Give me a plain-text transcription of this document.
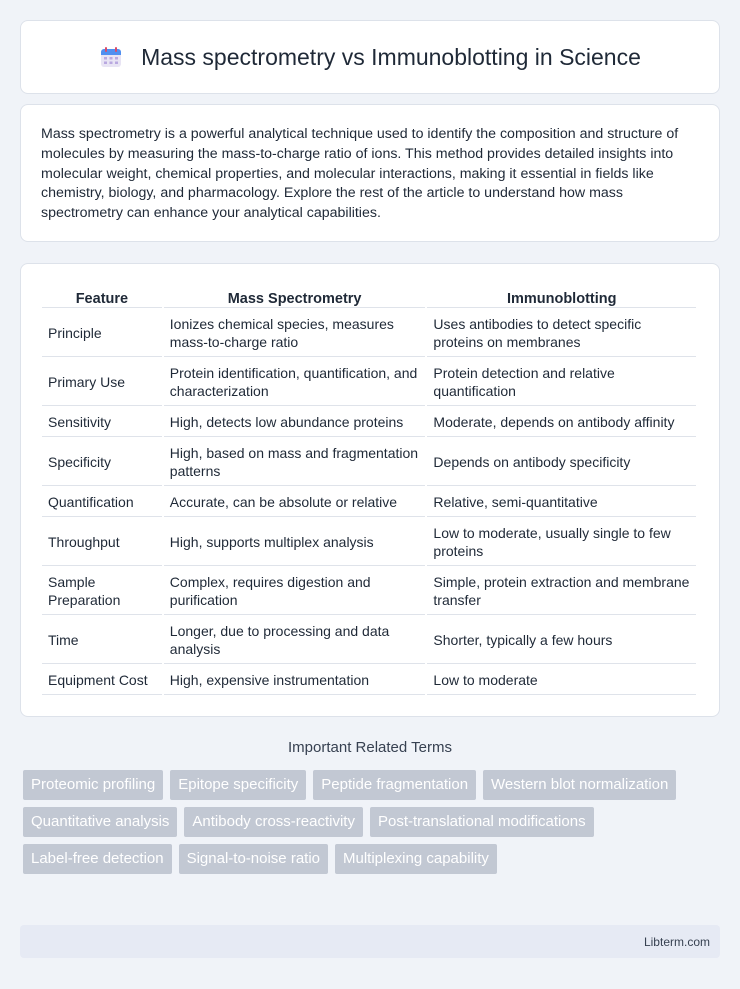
Mass spectrometry vs Immunoblotting in Science

Mass spectrometry is a powerful analytical technique used to identify the composition and structure of molecules by measuring the mass-to-charge ratio of ions. This method provides detailed insights into molecular weight, chemical properties, and molecular interactions, making it essential in fields like chemistry, biology, and pharmacology. Explore the rest of the article to understand how mass spectrometry can enhance your analytical capabilities.

Feature	Mass Spectrometry	Immunoblotting
Principle	Ionizes chemical species, measures mass-to-charge ratio	Uses antibodies to detect specific proteins on membranes
Primary Use	Protein identification, quantification, and characterization	Protein detection and relative quantification
Sensitivity	High, detects low abundance proteins	Moderate, depends on antibody affinity
Specificity	High, based on mass and fragmentation patterns	Depends on antibody specificity
Quantification	Accurate, can be absolute or relative	Relative, semi-quantitative
Throughput	High, supports multiplex analysis	Low to moderate, usually single to few proteins
Sample Preparation	Complex, requires digestion and purification	Simple, protein extraction and membrane transfer
Time	Longer, due to processing and data analysis	Shorter, typically a few hours
Equipment Cost	High, expensive instrumentation	Low to moderate
Important Related Terms
Proteomic profiling	Epitope specificity	Peptide fragmentation	Western blot normalization
Quantitative analysis	Antibody cross-reactivity	Post-translational modifications
Label-free detection	Signal-to-noise ratio	Multiplexing capability
Libterm.com
